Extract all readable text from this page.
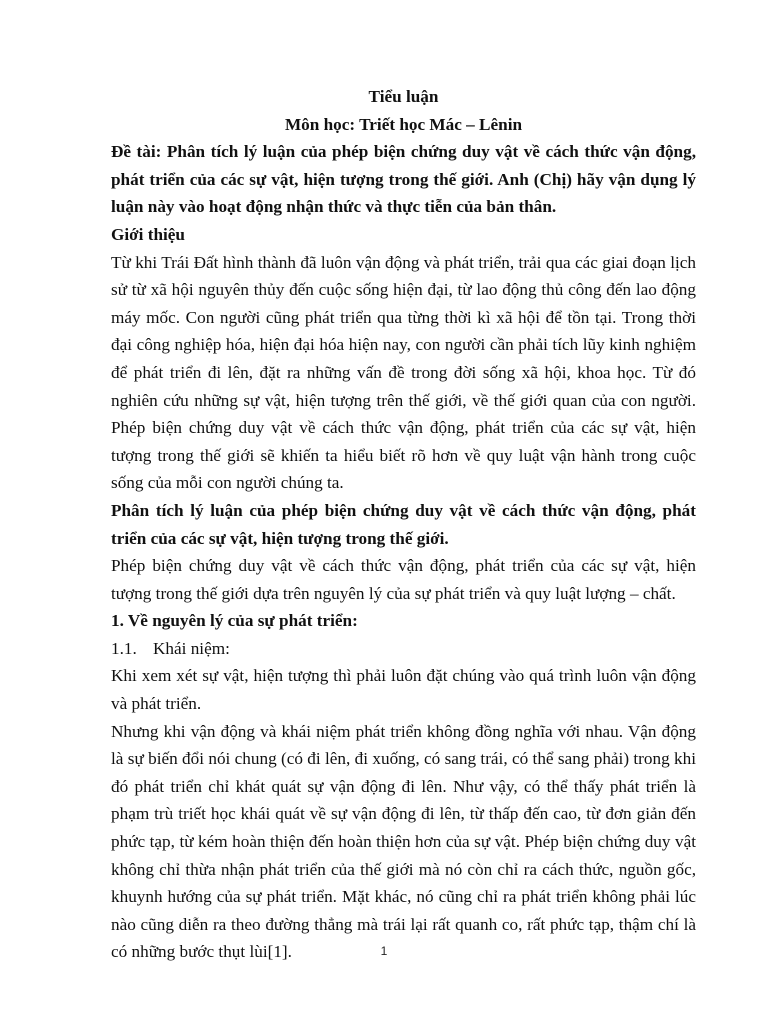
Tiểu luận

Môn học: Triết học Mác – Lênin

Đề tài: Phân tích lý luận của phép biện chứng duy vật về cách thức vận động, phát triển của các sự vật, hiện tượng trong thế giới. Anh (Chị) hãy vận dụng lý luận này vào hoạt động nhận thức và thực tiễn của bản thân.

Giới thiệu

Từ khi Trái Đất hình thành đã luôn vận động và phát triển, trải qua các giai đoạn lịch sử từ xã hội nguyên thủy đến cuộc sống hiện đại, từ lao động thủ công đến lao động máy mốc. Con người cũng phát triển qua từng thời kì xã hội để tồn tại. Trong thời đại công nghiệp hóa, hiện đại hóa hiện nay, con người cần phải tích lũy kinh nghiệm để phát triển đi lên, đặt ra những vấn đề trong đời sống xã hội, khoa học. Từ đó nghiên cứu những sự vật, hiện tượng trên thế giới, về thế giới quan của con người. Phép biện chứng duy vật về cách thức vận động, phát triển của các sự vật, hiện tượng trong thế giới sẽ khiến ta hiểu biết rõ hơn về quy luật vận hành trong cuộc sống của mỗi con người chúng ta.

Phân tích lý luận của phép biện chứng duy vật về cách thức vận động, phát triển của các sự vật, hiện tượng trong thế giới.

Phép biện chứng duy vật về cách thức vận động, phát triển của các sự vật, hiện tượng trong thế giới dựa trên nguyên lý của sự phát triển và quy luật lượng – chất.

1. Về nguyên lý của sự phát triển:

1.1. Khái niệm:

Khi xem xét sự vật, hiện tượng thì phải luôn đặt chúng vào quá trình luôn vận động và phát triển.

Nhưng khi vận động và khái niệm phát triển không đồng nghĩa với nhau. Vận động là sự biến đổi nói chung (có đi lên, đi xuống, có sang trái, có thể sang phải) trong khi đó phát triển chỉ khát quát sự vận động đi lên. Như vậy, có thể thấy phát triển là phạm trù triết học khái quát về sự vận động đi lên, từ thấp đến cao, từ đơn giản đến phức tạp, từ kém hoàn thiện đến hoàn thiện hơn của sự vật. Phép biện chứng duy vật không chỉ thừa nhận phát triển của thế giới mà nó còn chỉ ra cách thức, nguồn gốc, khuynh hướng của sự phát triển. Mặt khác, nó cũng chỉ ra phát triển không phải lúc nào cũng diễn ra theo đường thẳng mà trái lại rất quanh co, rất phức tạp, thậm chí là có những bước thụt lùi[1].	1
